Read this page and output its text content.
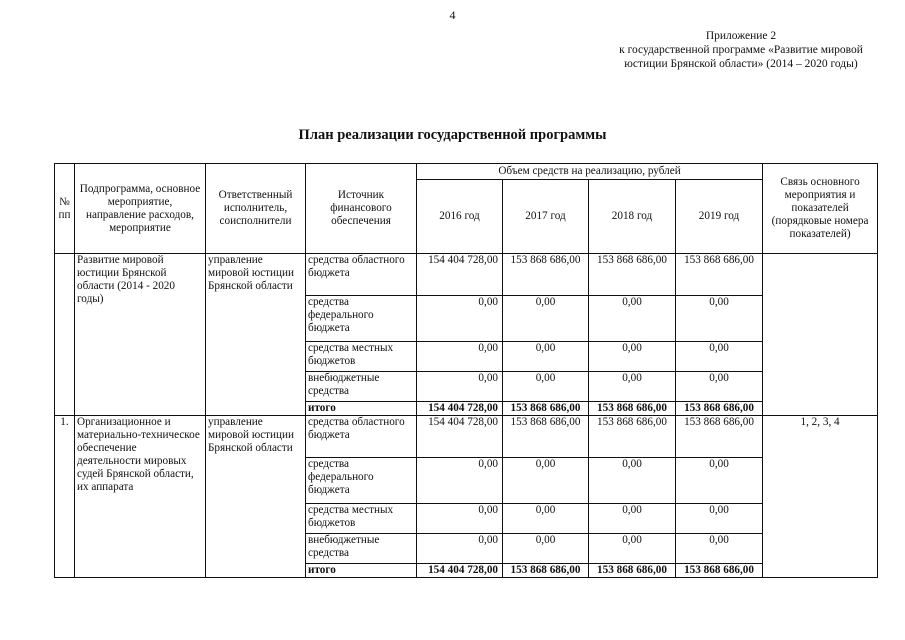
4
Приложение 2
к государственной программе «Развитие мировой
юстиции Брянской области» (2014 – 2020 годы)
План реализации государственной программы
№ пп	Подпрограмма, основное мероприятие, направление расходов, мероприятие	Ответственный исполнитель, соисполнители	Источник финансового обеспечения	Объем средств на реализацию, рублей				Связь основного мероприятия и показателей (порядковые номера показателей)
				2016 год	2017 год	2018 год	2019 год	
	Развитие мировой юстиции Брянской области (2014 - 2020 годы)	управление мировой юстиции Брянской области	средства областного бюджета	154 404 728,00	153 868 686,00	153 868 686,00	153 868 686,00	
			средства федерального бюджета	0,00	0,00	0,00	0,00	
			средства местных бюджетов	0,00	0,00	0,00	0,00	
			внебюджетные средства	0,00	0,00	0,00	0,00	
			итого	154 404 728,00	153 868 686,00	153 868 686,00	153 868 686,00	
1.	Организационное и материально-техническое обеспечение деятельности мировых судей Брянской области, их аппарата	управление мировой юстиции Брянской области	средства областного бюджета	154 404 728,00	153 868 686,00	153 868 686,00	153 868 686,00	1, 2, 3, 4
			средства федерального бюджета	0,00	0,00	0,00	0,00	
			средства местных бюджетов	0,00	0,00	0,00	0,00	
			внебюджетные средства	0,00	0,00	0,00	0,00	
			итого	154 404 728,00	153 868 686,00	153 868 686,00	153 868 686,00	
